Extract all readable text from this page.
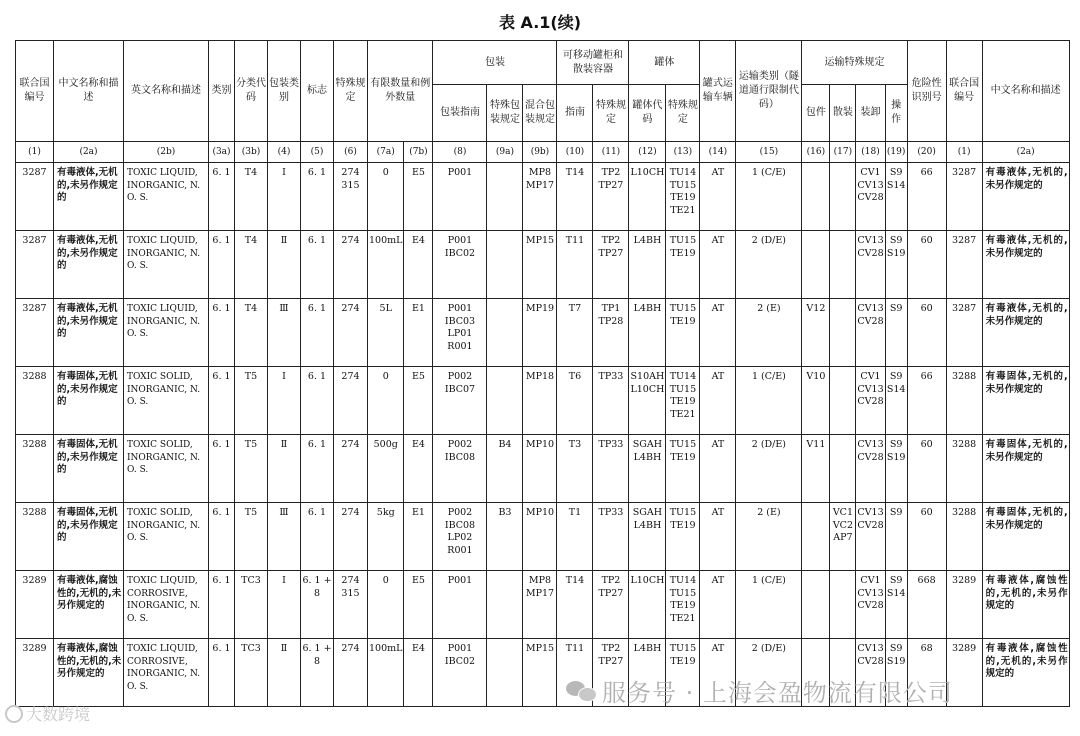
表 A.1(续)
联合国编号	中文名称和描述	英文名称和描述	类别	分类代码	包装类别	标志	特殊规定	有限数量和例外数量		包装			可移动罐柜和散装容器		罐体		罐式运输车辆	运输类别（隧道通行限制代码）	运输特殊规定				危险性识别号	联合国编号	中文名称和描述
										包装指南	特殊包装规定	混合包装规定	指南	特殊规定	罐体代码	特殊规定			包件	散装	装卸	操作			
(1)	(2a)	(2b)	(3a)	(3b)	(4)	(5)	(6)	(7a)	(7b)	(8)	(9a)	(9b)	(10)	(11)	(12)	(13)	(14)	(15)	(16)	(17)	(18)	(19)	(20)	(1)	(2a)
3287	有毒液体,无机的,未另作规定的	TOXIC LIQUID, INORGANIC, N. O. S.	6. 1	T4	Ⅰ	6. 1	274 315	0	E5	P001		MP8 MP17	T14	TP2 TP27	L10CH	TU14 TU15 TE19 TE21	AT	1 (C/E)			CV1 CV13 CV28	S9 S14	66	3287	有毒液体,无机的,未另作规定的
3287	有毒液体,无机的,未另作规定的	TOXIC LIQUID, INORGANIC, N. O. S.	6. 1	T4	Ⅱ	6. 1	274	100mL	E4	P001 IBC02		MP15	T11	TP2 TP27	L4BH	TU15 TE19	AT	2 (D/E)			CV13 CV28	S9 S19	60	3287	有毒液体,无机的,未另作规定的
3287	有毒液体,无机的,未另作规定的	TOXIC LIQUID, INORGANIC, N. O. S.	6. 1	T4	Ⅲ	6. 1	274	5L	E1	P001 IBC03 LP01 R001		MP19	T7	TP1 TP28	L4BH	TU15 TE19	AT	2 (E)	V12		CV13 CV28	S9	60	3287	有毒液体,无机的,未另作规定的
3288	有毒固体,无机的,未另作规定的	TOXIC SOLID, INORGANIC, N. O. S.	6. 1	T5	Ⅰ	6. 1	274	0	E5	P002 IBC07		MP18	T6	TP33	S10AH L10CH	TU14 TU15 TE19 TE21	AT	1 (C/E)	V10		CV1 CV13 CV28	S9 S14	66	3288	有毒固体,无机的,未另作规定的
3288	有毒固体,无机的,未另作规定的	TOXIC SOLID, INORGANIC, N. O. S.	6. 1	T5	Ⅱ	6. 1	274	500g	E4	P002 IBC08	B4	MP10	T3	TP33	SGAH L4BH	TU15 TE19	AT	2 (D/E)	V11		CV13 CV28	S9 S19	60	3288	有毒固体,无机的,未另作规定的
3288	有毒固体,无机的,未另作规定的	TOXIC SOLID, INORGANIC, N. O. S.	6. 1	T5	Ⅲ	6. 1	274	5kg	E1	P002 IBC08 LP02 R001	B3	MP10	T1	TP33	SGAH L4BH	TU15 TE19	AT	2 (E)		VC1 VC2 AP7	CV13 CV28	S9	60	3288	有毒固体,无机的,未另作规定的
3289	有毒液体,腐蚀性的,无机的,未另作规定的	TOXIC LIQUID, CORROSIVE, INORGANIC, N. O. S.	6. 1	TC3	Ⅰ	6. 1 + 8	274 315	0	E5	P001		MP8 MP17	T14	TP2 TP27	L10CH	TU14 TU15 TE19 TE21	AT	1 (C/E)			CV1 CV13 CV28	S9 S14	668	3289	有毒液体,腐蚀性的,无机的,未另作规定的
3289	有毒液体,腐蚀性的,无机的,未另作规定的	TOXIC LIQUID, CORROSIVE, INORGANIC, N. O. S.	6. 1	TC3	Ⅱ	6. 1 + 8	274	100mL	E4	P001 IBC02		MP15	T11	TP2 TP27	L4BH	TU15 TE19	AT	2 (D/E)			CV13 CV28	S9 S19	68	3289	有毒液体,腐蚀性的,无机的,未另作规定的
大数跨境
服务号 · 上海会盈物流有限公司
